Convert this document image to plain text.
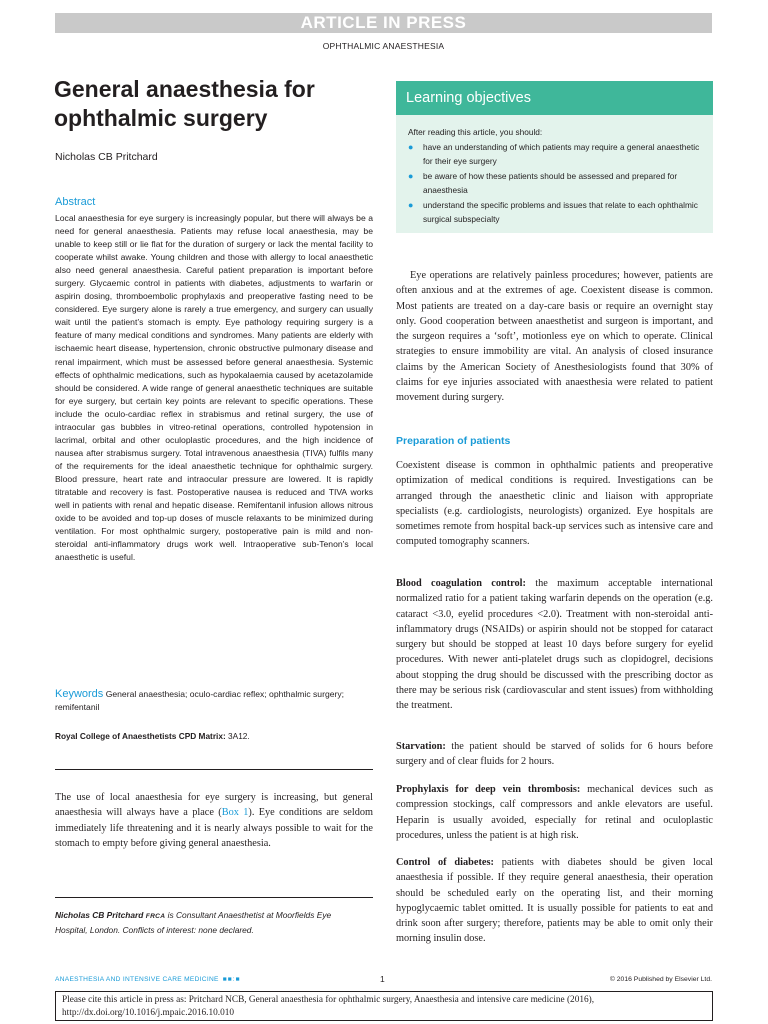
ARTICLE IN PRESS
OPHTHALMIC ANAESTHESIA
General anaesthesia for ophthalmic surgery
Nicholas CB Pritchard
Abstract

Local anaesthesia for eye surgery is increasingly popular, but there will always be a need for general anaesthesia. Patients may refuse local anaesthesia, may be unable to keep still or lie flat for the duration of surgery or lack the mental facility to cooperate whilst awake. Young children and those with allergy to local anaesthetic also need general anaesthesia. Careful patient preparation is important before surgery. Glycaemic control in patients with diabetes, adjustments to warfarin or aspirin dosing, thromboembolic prophylaxis and preoperative fasting need to be considered. Eye surgery alone is rarely a true emergency, and surgery can usually wait until the patient’s stomach is empty. Eye pathology requiring surgery is a feature of many medical conditions and syndromes. Many patients are elderly with ischaemic heart disease, hypertension, chronic obstructive pulmonary disease and renal impairment, which must be assessed before general anaesthesia. Systemic effects of ophthalmic medications, such as hypokalaemia caused by acetazolamide should be considered. A wide range of general anaesthetic techniques are suitable for eye surgery, but certain key points are relevant to specific operations. These include the oculo-cardiac reflex in strabismus and retinal surgery, the use of intraocular gas bubbles in vitreo-retinal operations, controlled hypotension in lacrimal, orbital and other oculoplastic procedures, and the high incidence of nausea after strabismus surgery. Total intravenous anaesthesia (TIVA) fulfils many of the requirements for the ideal anaesthetic technique for ophthalmic surgery. Blood pressure, heart rate and intraocular pressure are lowered. It is rapidly titratable and recovery is fast. Postoperative nausea is reduced and TIVA works well in patients with renal and hepatic disease. Remifentanil infusion allows nitrous oxide to be avoided and top-up doses of muscle relaxants to be minimized during ventilation. For most ophthalmic surgery, postoperative pain is mild and non-steroidal anti-inflammatory drugs work well. Intraoperative sub-Tenon’s local anaesthetic is useful.

Keywords General anaesthesia; oculo-cardiac reflex; ophthalmic surgery; remifentanil

Royal College of Anaesthetists CPD Matrix: 3A12.

The use of local anaesthesia for eye surgery is increasing, but general anaesthesia will always have a place (Box 1). Eye conditions are seldom immediately life threatening and it is nearly always possible to wait for the stomach to empty before giving general anaesthesia.

Nicholas CB Pritchard FRCA is Consultant Anaesthetist at Moorfields Eye Hospital, London. Conflicts of interest: none declared.

Learning objectives
After reading this article, you should:
● have an understanding of which patients may require a general anaesthetic for their eye surgery
● be aware of how these patients should be assessed and prepared for anaesthesia
● understand the specific problems and issues that relate to each ophthalmic surgical subspecialty

Eye operations are relatively painless procedures; however, patients are often anxious and at the extremes of age. Coexistent disease is common. Most patients are treated on a day-care basis or require an overnight stay only. Good cooperation between anaesthetist and surgeon is important, and the surgeon requires a ‘soft’, motionless eye on which to operate. Clinical strategies to ensure immobility are vital. An analysis of closed insurance claims by the American Society of Anesthesiologists found that 30% of claims for eye injuries associated with anaesthesia were related to patient movement during surgery.

Preparation of patients

Coexistent disease is common in ophthalmic patients and preoperative optimization of medical conditions is required. Investigations can be arranged through the anaesthetic clinic and liaison with appropriate specialists (e.g. cardiologists, neurologists) organized. Eye hospitals are sometimes remote from hospital back-up services such as intensive care and computed tomography scanners.

Blood coagulation control: the maximum acceptable international normalized ratio for a patient taking warfarin depends on the operation (e.g. cataract <3.0, eyelid procedures <2.0). Treatment with non-steroidal anti-inflammatory drugs (NSAIDs) or aspirin should not be stopped for cataract surgery but should be stopped at least 10 days before surgery for eyelid procedures. With newer anti-platelet drugs such as clopidogrel, decisions about stopping the drug should be discussed with the prescribing doctor as there may be serious risk (cardiovascular and stent issues) from withholding the treatment.

Starvation: the patient should be starved of solids for 6 hours before surgery and of clear fluids for 2 hours.

Prophylaxis for deep vein thrombosis: mechanical devices such as compression stockings, calf compressors and ankle elevators are useful. Heparin is usually avoided, especially for retinal and oculoplastic procedures, unless the patient is at high risk.

Control of diabetes: patients with diabetes should be given local anaesthesia if possible. If they require general anaesthesia, their operation should be scheduled early on the operating list, and their morning hypoglycaemic tablet omitted. It is usually possible for patients to eat and drink soon after surgery; therefore, patients may be able to omit only their morning insulin dose.

ANAESTHESIA AND INTENSIVE CARE MEDICINE ■■:■	1	© 2016 Published by Elsevier Ltd.
Please cite this article in press as: Pritchard NCB, General anaesthesia for ophthalmic surgery, Anaesthesia and intensive care medicine (2016), http://dx.doi.org/10.1016/j.mpaic.2016.10.010
